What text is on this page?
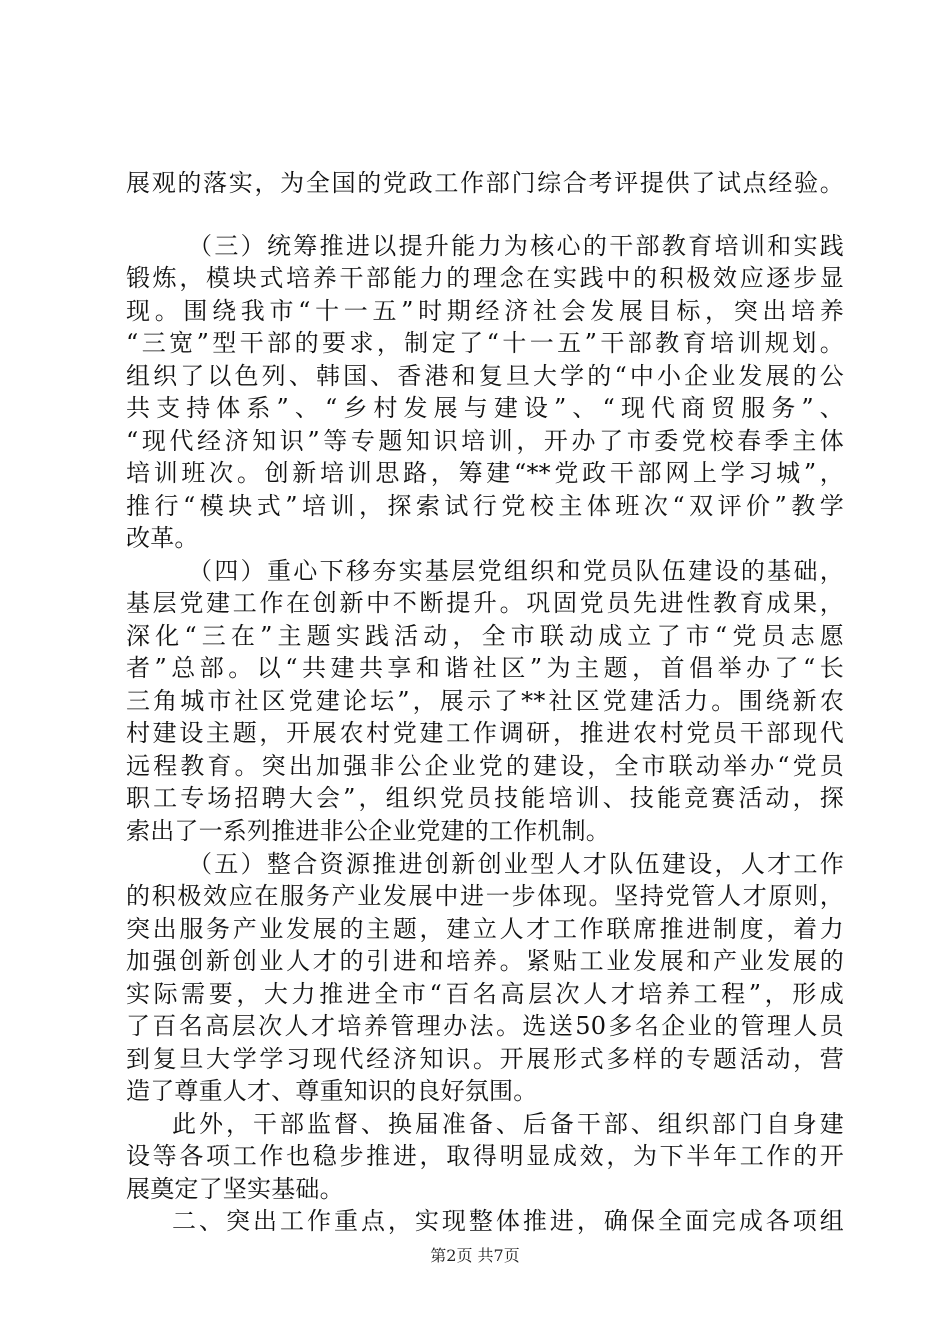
展观的落实，为全国的党政工作部门综合考评提供了试点经验。
（三）统筹推进以提升能力为核心的干部教育培训和实践
锻炼，模块式培养干部能力的理念在实践中的积极效应逐步显
现。围绕我市“十一五”时期经济社会发展目标，突出培养
“三宽”型干部的要求，制定了“十一五”干部教育培训规划。
组织了以色列、韩国、香港和复旦大学的“中小企业发展的公
共支持体系”、“乡村发展与建设”、“现代商贸服务”、
“现代经济知识”等专题知识培训，开办了市委党校春季主体
培训班次。创新培训思路，筹建“**党政干部网上学习城”，
推行“模块式”培训，探索试行党校主体班次“双评价”教学
改革。
（四）重心下移夯实基层党组织和党员队伍建设的基础，
基层党建工作在创新中不断提升。巩固党员先进性教育成果，
深化“三在”主题实践活动，全市联动成立了市“党员志愿
者”总部。以“共建共享和谐社区”为主题，首倡举办了“长
三角城市社区党建论坛”，展示了**社区党建活力。围绕新农
村建设主题，开展农村党建工作调研，推进农村党员干部现代
远程教育。突出加强非公企业党的建设，全市联动举办“党员
职工专场招聘大会”，组织党员技能培训、技能竞赛活动，探
索出了一系列推进非公企业党建的工作机制。
（五）整合资源推进创新创业型人才队伍建设，人才工作
的积极效应在服务产业发展中进一步体现。坚持党管人才原则，
突出服务产业发展的主题，建立人才工作联席推进制度，着力
加强创新创业人才的引进和培养。紧贴工业发展和产业发展的
实际需要，大力推进全市“百名高层次人才培养工程”，形成
了百名高层次人才培养管理办法。选送50多名企业的管理人员
到复旦大学学习现代经济知识。开展形式多样的专题活动，营
造了尊重人才、尊重知识的良好氛围。
此外，干部监督、换届准备、后备干部、组织部门自身建
设等各项工作也稳步推进，取得明显成效，为下半年工作的开
展奠定了坚实基础。
二、突出工作重点，实现整体推进，确保全面完成各项组
第2页 共7页
